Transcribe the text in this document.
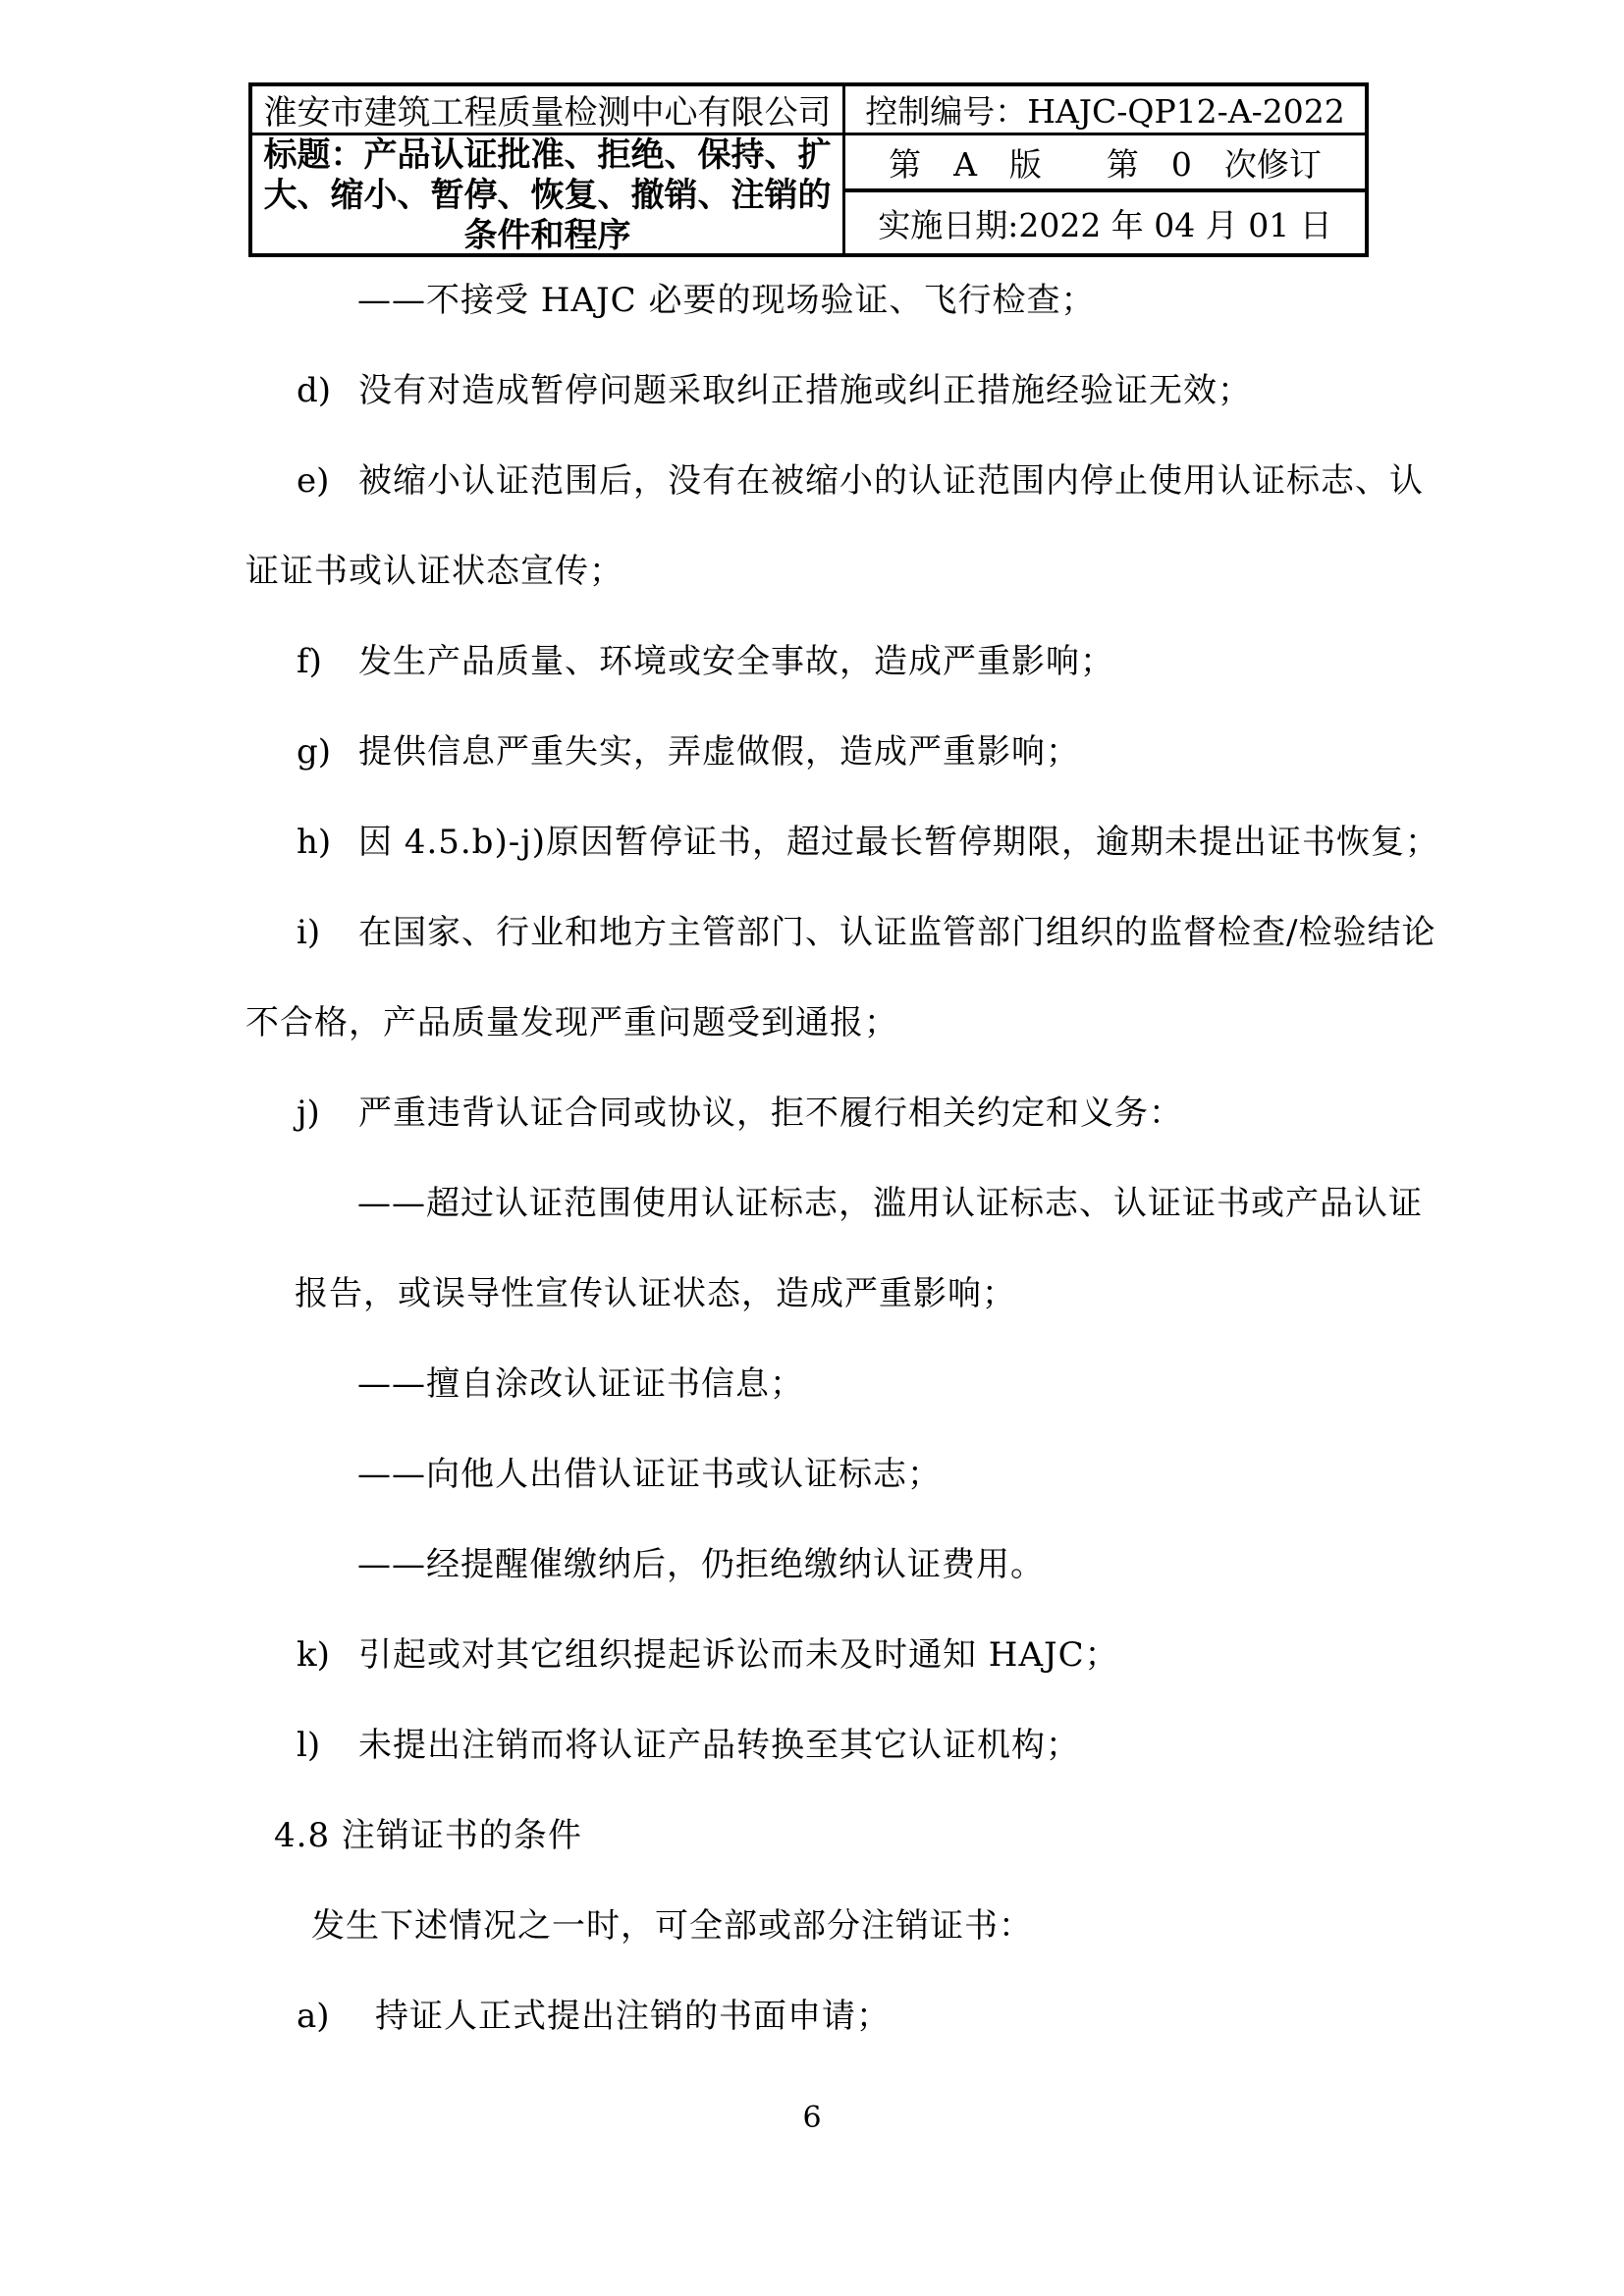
淮安市建筑工程质量检测中心有限公司
标题：产品认证批准、拒绝、保持、扩
大、缩小、暂停、恢复、撤销、注销的
条件和程序
控制编号：HAJC-QP12-A-2022
第　A　版　　第　0　次修订
实施日期:2022 年 04 月 01 日
——不接受 HAJC 必要的现场验证、飞行检查；
d) 没有对造成暂停问题采取纠正措施或纠正措施经验证无效；
e) 被缩小认证范围后，没有在被缩小的认证范围内停止使用认证标志、认
证证书或认证状态宣传；
f) 发生产品质量、环境或安全事故，造成严重影响；
g) 提供信息严重失实，弄虚做假，造成严重影响；
h) 因 4.5.b)-j)原因暂停证书，超过最长暂停期限，逾期未提出证书恢复；
i) 在国家、行业和地方主管部门、认证监管部门组织的监督检查/检验结论
不合格，产品质量发现严重问题受到通报；
j) 严重违背认证合同或协议，拒不履行相关约定和义务：
——超过认证范围使用认证标志，滥用认证标志、认证证书或产品认证
报告，或误导性宣传认证状态，造成严重影响；
——擅自涂改认证证书信息；
——向他人出借认证证书或认证标志；
——经提醒催缴纳后，仍拒绝缴纳认证费用。
k) 引起或对其它组织提起诉讼而未及时通知 HAJC；
l) 未提出注销而将认证产品转换至其它认证机构；
4.8 注销证书的条件
发生下述情况之一时，可全部或部分注销证书：
a) 持证人正式提出注销的书面申请；
6
